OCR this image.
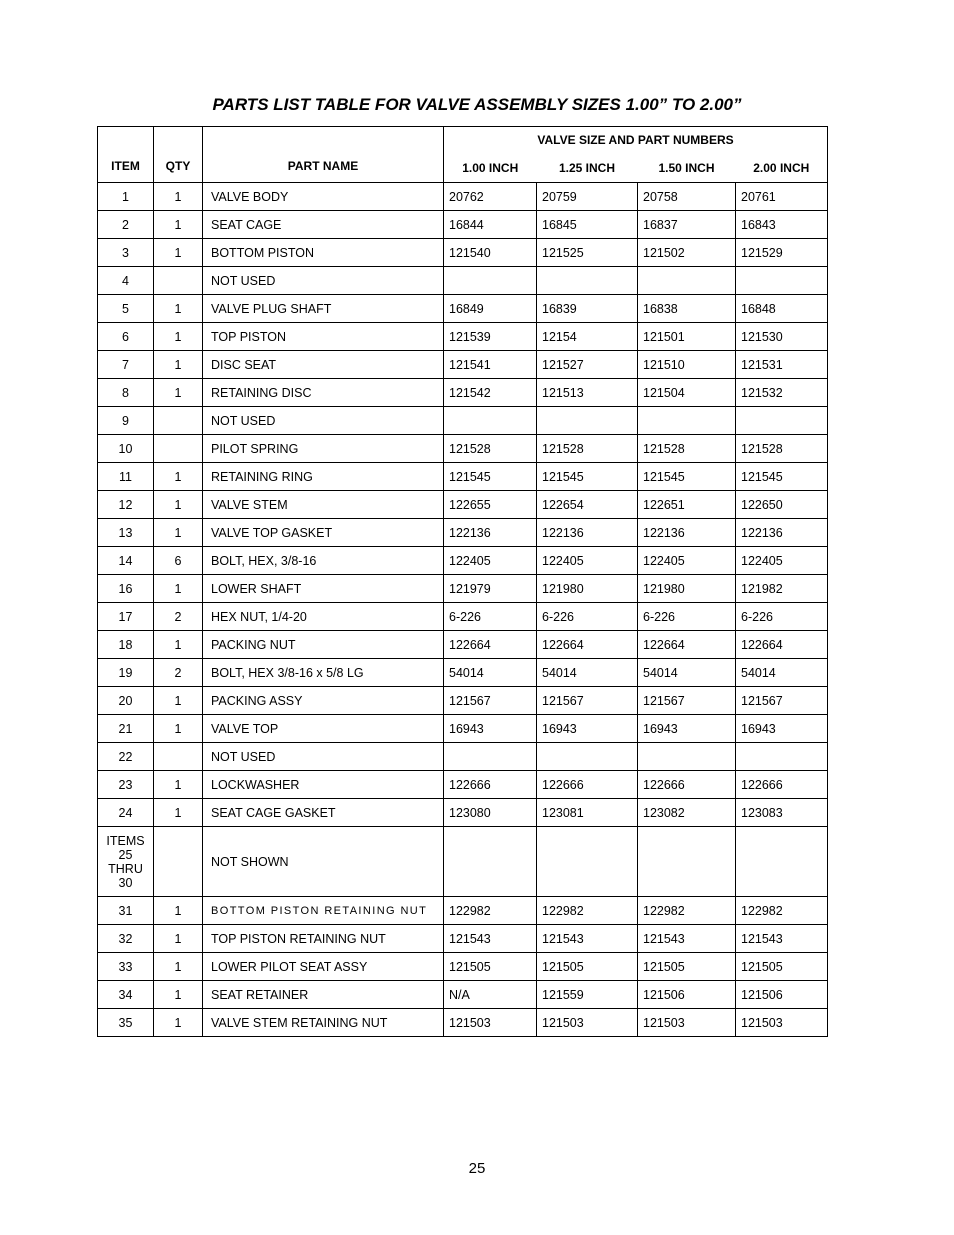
PARTS LIST TABLE FOR VALVE ASSEMBLY SIZES 1.00” TO 2.00”
ITEM	QTY	PART NAME	VALVE SIZE AND PART NUMBERS			
			1.00 INCH	1.25 INCH	1.50 INCH	2.00 INCH
1	1	VALVE BODY	20762	20759	20758	20761
2	1	SEAT CAGE	16844	16845	16837	16843
3	1	BOTTOM PISTON	121540	121525	121502	121529
4		NOT USED				
5	1	VALVE PLUG SHAFT	16849	16839	16838	16848
6	1	TOP PISTON	121539	12154	121501	121530
7	1	DISC SEAT	121541	121527	121510	121531
8	1	RETAINING DISC	121542	121513	121504	121532
9		NOT USED				
10		PILOT SPRING	121528	121528	121528	121528
11	1	RETAINING RING	121545	121545	121545	121545
12	1	VALVE STEM	122655	122654	122651	122650
13	1	VALVE TOP GASKET	122136	122136	122136	122136
14	6	BOLT, HEX, 3/8-16	122405	122405	122405	122405
16	1	LOWER SHAFT	121979	121980	121980	121982
17	2	HEX NUT, 1/4-20	6-226	6-226	6-226	6-226
18	1	PACKING NUT	122664	122664	122664	122664
19	2	BOLT, HEX 3/8-16 x 5/8 LG	54014	54014	54014	54014
20	1	PACKING ASSY	121567	121567	121567	121567
21	1	VALVE TOP	16943	16943	16943	16943
22		NOT USED				
23	1	LOCKWASHER	122666	122666	122666	122666
24	1	SEAT CAGE GASKET	123080	123081	123082	123083
ITEMS
25
THRU
30		NOT SHOWN				
31	1	BOTTOM PISTON RETAINING NUT	122982	122982	122982	122982
32	1	TOP PISTON RETAINING NUT	121543	121543	121543	121543
33	1	LOWER PILOT SEAT ASSY	121505	121505	121505	121505
34	1	SEAT RETAINER	N/A	121559	121506	121506
35	1	VALVE STEM RETAINING NUT	121503	121503	121503	121503
25
